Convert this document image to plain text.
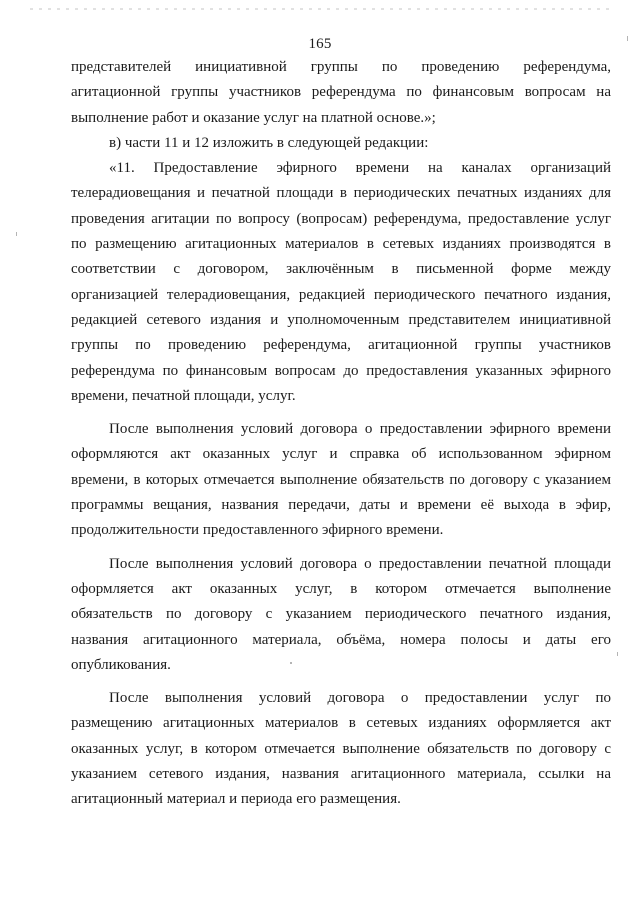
165
представителей инициативной группы по проведению референдума,
агитационной группы участников референдума по финансовым вопросам на
выполнение работ и оказание услуг на платной основе.»;
в) части 11 и 12 изложить в следующей редакции:
«11. Предоставление эфирного времени на каналах организаций
телерадиовещания и печатной площади в периодических печатных изданиях для
проведения агитации по вопросу (вопросам) референдума, предоставление услуг
по размещению агитационных материалов в сетевых изданиях производятся в
соответствии с договором, заключённым в письменной форме между
организацией телерадиовещания, редакцией периодического печатного издания,
редакцией сетевого издания и уполномоченным представителем инициативной
группы по проведению референдума, агитационной группы участников
референдума по финансовым вопросам до предоставления указанных эфирного
времени, печатной площади, услуг.
После выполнения условий договора о предоставлении эфирного времени
оформляются акт оказанных услуг и справка об использованном эфирном
времени, в которых отмечается выполнение обязательств по договору с указанием
программы вещания, названия передачи, даты и времени её выхода в эфир,
продолжительности предоставленного эфирного времени.
После выполнения условий договора о предоставлении печатной площади
оформляется акт оказанных услуг, в котором отмечается выполнение
обязательств по договору с указанием периодического печатного издания,
названия агитационного материала, объёма, номера полосы и даты его
опубликования.
После выполнения условий договора о предоставлении услуг по
размещению агитационных материалов в сетевых изданиях оформляется акт
оказанных услуг, в котором отмечается выполнение обязательств по договору с
указанием сетевого издания, названия агитационного материала, ссылки на
агитационный материал и периода его размещения.
